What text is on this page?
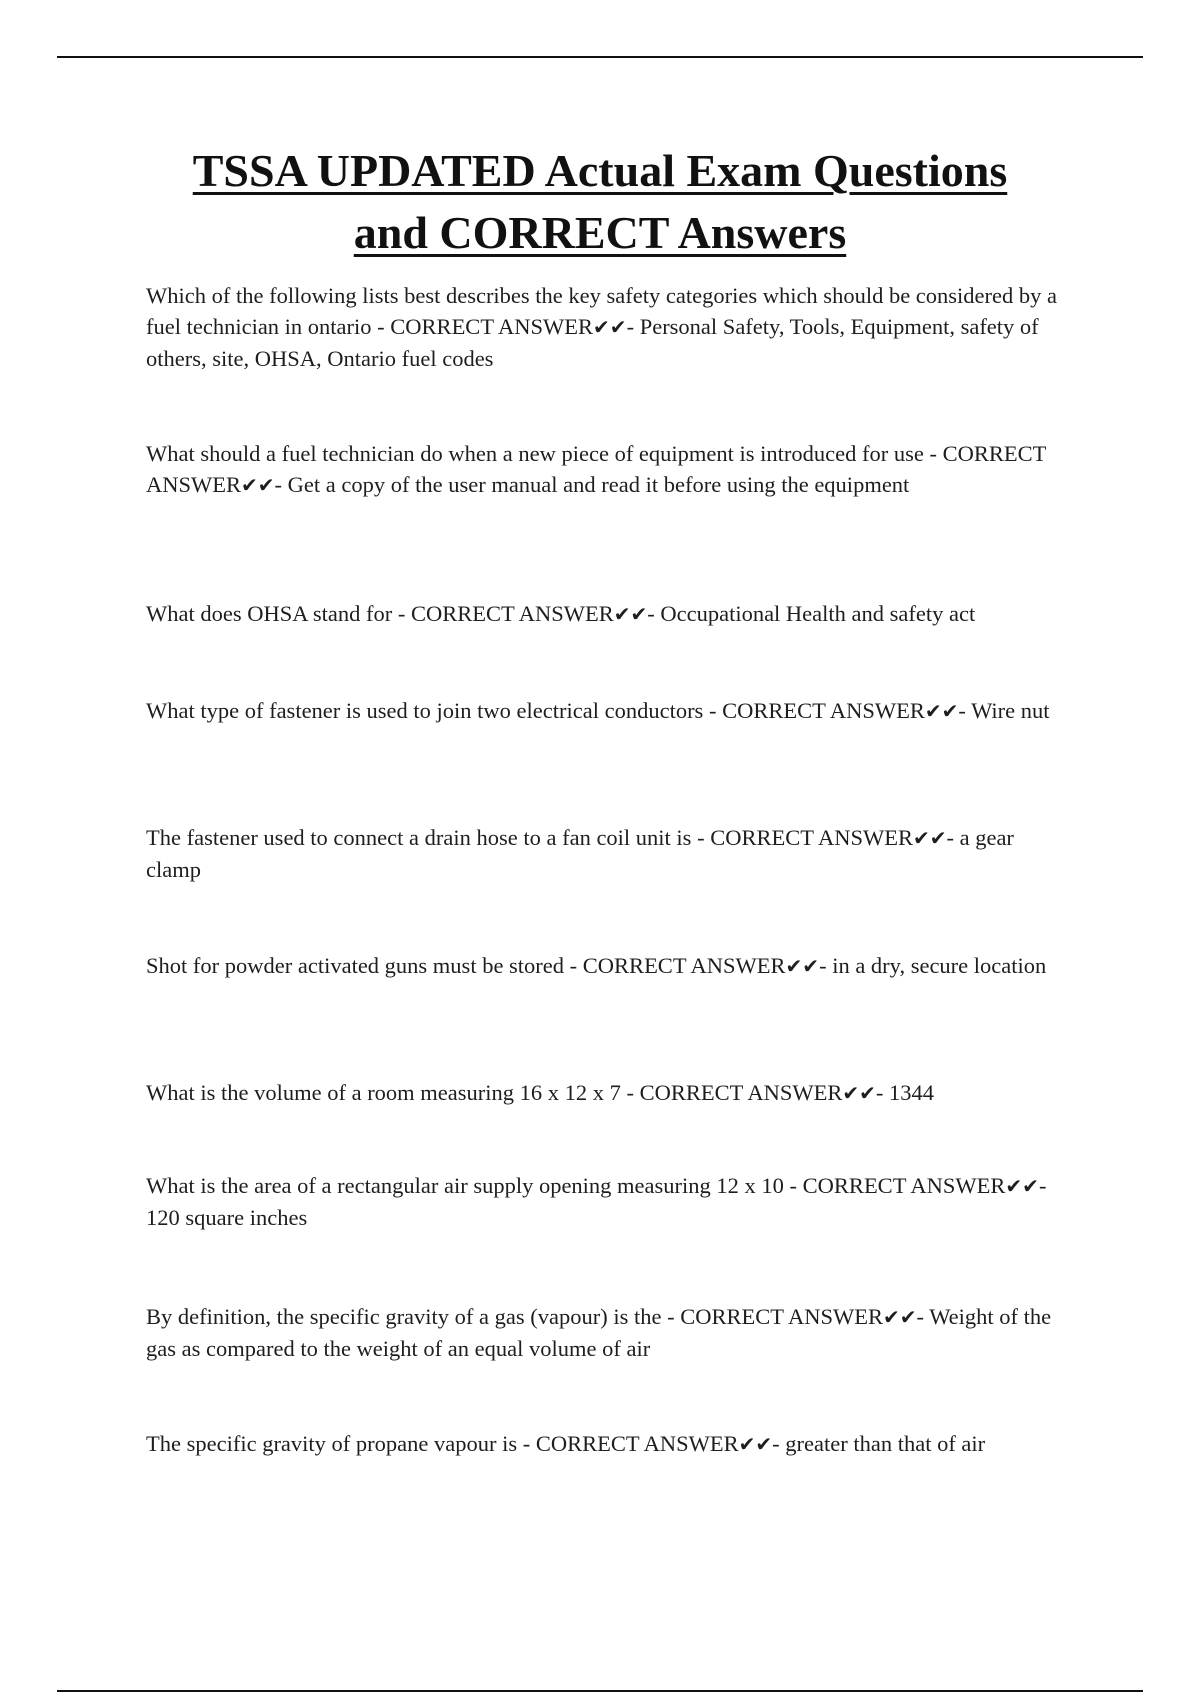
TSSA UPDATED Actual Exam Questions
and CORRECT Answers

Which of the following lists best describes the key safety categories which should be considered by a fuel technician in ontario - CORRECT ANSWER✔✔- Personal Safety, Tools, Equipment, safety of others, site, OHSA, Ontario fuel codes

What should a fuel technician do when a new piece of equipment is introduced for use - CORRECT ANSWER✔✔- Get a copy of the user manual and read it before using the equipment

What does OHSA stand for - CORRECT ANSWER✔✔- Occupational Health and safety act

What type of fastener is used to join two electrical conductors - CORRECT ANSWER✔✔- Wire nut

The fastener used to connect a drain hose to a fan coil unit is - CORRECT ANSWER✔✔- a gear clamp

Shot for powder activated guns must be stored - CORRECT ANSWER✔✔- in a dry, secure location

What is the volume of a room measuring 16 x 12 x 7 - CORRECT ANSWER✔✔- 1344

What is the area of a rectangular air supply opening measuring 12 x 10 - CORRECT ANSWER✔✔- 120 square inches

By definition, the specific gravity of a gas (vapour) is the - CORRECT ANSWER✔✔- Weight of the gas as compared to the weight of an equal volume of air

The specific gravity of propane vapour is - CORRECT ANSWER✔✔- greater than that of air
